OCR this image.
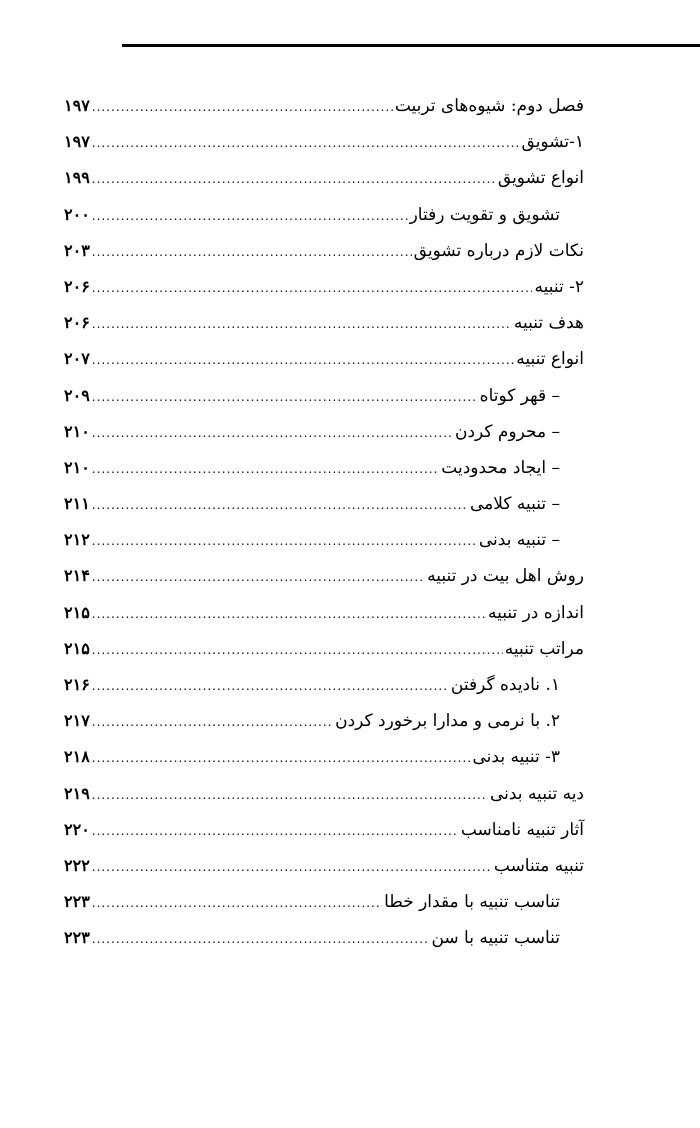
فصل دوم: شیوه‌های تربیت
.....
۱۹۷
۱-تشویق
.....
۱۹۷
انواع تشویق
.....
۱۹۹
تشویق و تقویت رفتار
.....
۲۰۰
نکات لازم درباره تشویق
.....
۲۰۳
۲- تنبیه
.....
۲۰۶
هدف تنبیه
.....
۲۰۶
انواع تنبیه
.....
۲۰۷
– قهر کوتاه
.....
۲۰۹
– محروم کردن
.....
۲۱۰
– ایجاد محدودیت
.....
۲۱۰
– تنبیه کلامی
.....
۲۱۱
– تنبیه بدنی
.....
۲۱۲
روش اهل بیت در تنبیه
.....
۲۱۴
اندازه در تنبیه
.....
۲۱۵
مراتب تنبیه
.....
۲۱۵
۱. نادیده گرفتن
.....
۲۱۶
۲. با نرمی و مدارا برخورد کردن
.....
۲۱۷
۳- تنبیه بدنی
.....
۲۱۸
دیه تنبیه بدنی
.....
۲۱۹
آثار تنبیه نامناسب
.....
۲۲۰
تنبیه متناسب
.....
۲۲۲
تناسب تنبیه با مقدار خطا
.....
۲۲۳
تناسب تنبیه با سن
.....
۲۲۳
